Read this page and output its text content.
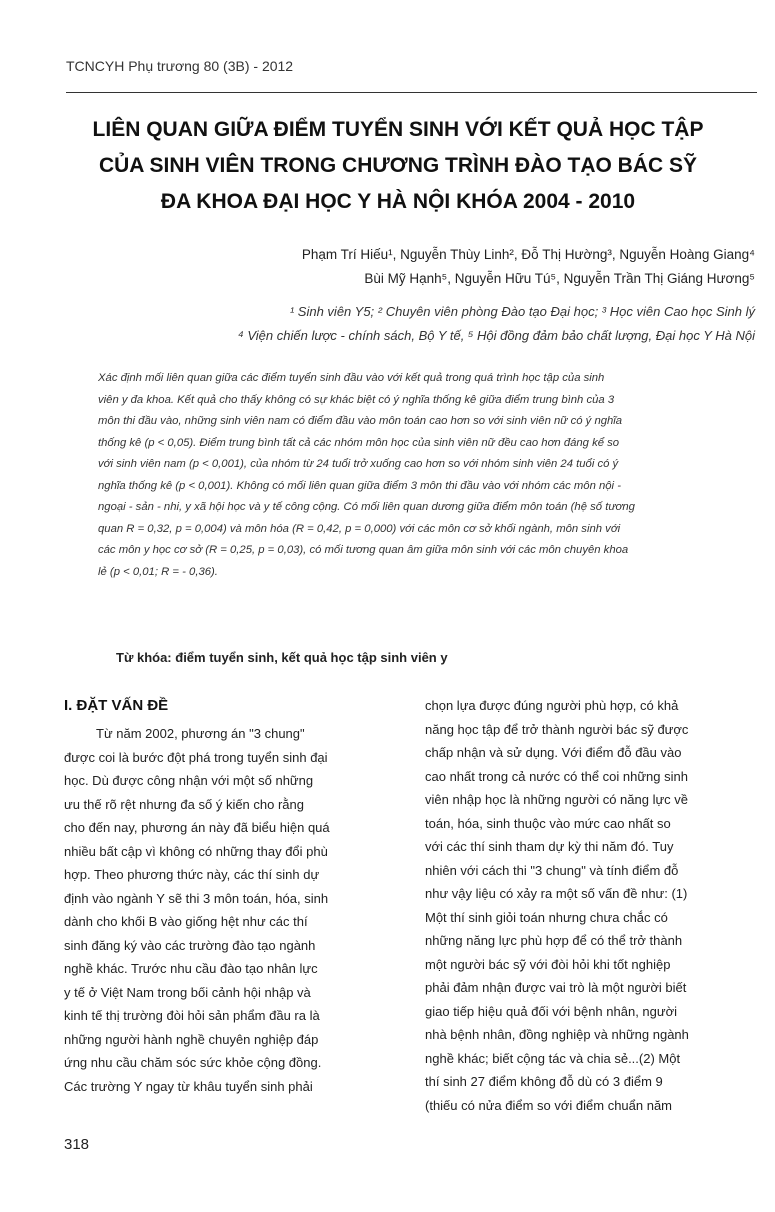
TCNCYH Phụ trương 80 (3B) - 2012
LIÊN QUAN GIỮA ĐIỂM TUYỂN SINH VỚI KẾT QUẢ HỌC TẬP
CỦA SINH VIÊN TRONG CHƯƠNG TRÌNH ĐÀO TẠO BÁC SỸ
ĐA KHOA ĐẠI HỌC Y HÀ NỘI KHÓA 2004 - 2010
Phạm Trí Hiếu¹, Nguyễn Thùy Linh², Đỗ Thị Hường³, Nguyễn Hoàng Giang⁴
Bùi Mỹ Hạnh⁵, Nguyễn Hữu Tú⁵, Nguyễn Trần Thị Giáng Hương⁵
¹ Sinh viên Y5; ² Chuyên viên phòng Đào tạo Đại học; ³ Học viên Cao học Sinh lý
⁴ Viện chiến lược - chính sách, Bộ Y tế, ⁵ Hội đồng đảm bảo chất lượng, Đại học Y Hà Nội
Xác định mối liên quan giữa các điểm tuyển sinh đầu vào với kết quả trong quá trình học tập của sinh
viên y đa khoa. Kết quả cho thấy không có sự khác biệt có ý nghĩa thống kê giữa điểm trung bình của 3
môn thi đầu vào, những sinh viên nam có điểm đầu vào môn toán cao hơn so với sinh viên nữ có ý nghĩa
thống kê (p < 0,05). Điểm trung bình tất cả các nhóm môn học của sinh viên nữ đều cao hơn đáng kể so
với sinh viên nam (p < 0,001), của nhóm từ 24 tuổi trở xuống cao hơn so với nhóm sinh viên 24 tuổi có ý
nghĩa thống kê (p < 0,001). Không có mối liên quan giữa điểm 3 môn thi đầu vào với nhóm các môn nội -
ngoại - sản - nhi, y xã hội học và y tế công cộng. Có mối liên quan dương giữa điểm môn toán (hệ số tương
quan R = 0,32, p = 0,004) và môn hóa (R = 0,42, p = 0,000) với các môn cơ sở khối ngành, môn sinh với
các môn y học cơ sở (R = 0,25, p = 0,03), có mối tương quan âm giữa môn sinh với các môn chuyên khoa
lẻ (p < 0,01; R = - 0,36).
Từ khóa: điểm tuyển sinh, kết quả học tập sinh viên y
I. ĐẶT VẤN ĐỀ
Từ năm 2002, phương án "3 chung"
được coi là bước đột phá trong tuyển sinh đại
học. Dù được công nhận với một số những
ưu thế rõ rệt nhưng đa số ý kiến cho rằng
cho đến nay, phương án này đã biểu hiện quá
nhiều bất cập vì không có những thay đổi phù
hợp. Theo phương thức này, các thí sinh dự
định vào ngành Y sẽ thi 3 môn toán, hóa, sinh
dành cho khối B vào giống hệt như các thí
sinh đăng ký vào các trường đào tạo ngành
nghề khác. Trước nhu cầu đào tạo nhân lực
y tế ở Việt Nam trong bối cảnh hội nhập và
kinh tế thị trường đòi hỏi sản phẩm đầu ra là
những người hành nghề chuyên nghiệp đáp
ứng nhu cầu chăm sóc sức khỏe cộng đồng.
Các trường Y ngay từ khâu tuyển sinh phải
chọn lựa được đúng người phù hợp, có khả
năng học tập để trở thành người bác sỹ được
chấp nhận và sử dụng. Với điểm đỗ đầu vào
cao nhất trong cả nước có thể coi những sinh
viên nhập học là những người có năng lực về
toán, hóa, sinh thuộc vào mức cao nhất so
với các thí sinh tham dự kỳ thi năm đó. Tuy
nhiên với cách thi "3 chung" và tính điểm đỗ
như vậy liệu có xảy ra một số vấn đề như: (1)
Một thí sinh giỏi toán nhưng chưa chắc có
những năng lực phù hợp để có thể trở thành
một người bác sỹ với đòi hỏi khi tốt nghiệp
phải đảm nhận được vai trò là một người biết
giao tiếp hiệu quả đối với bệnh nhân, người
nhà bệnh nhân, đồng nghiệp và những ngành
nghề khác; biết cộng tác và chia sẻ...(2) Một
thí sinh 27 điểm không đỗ dù có 3 điểm 9
(thiếu có nửa điểm so với điểm chuẩn năm
318
